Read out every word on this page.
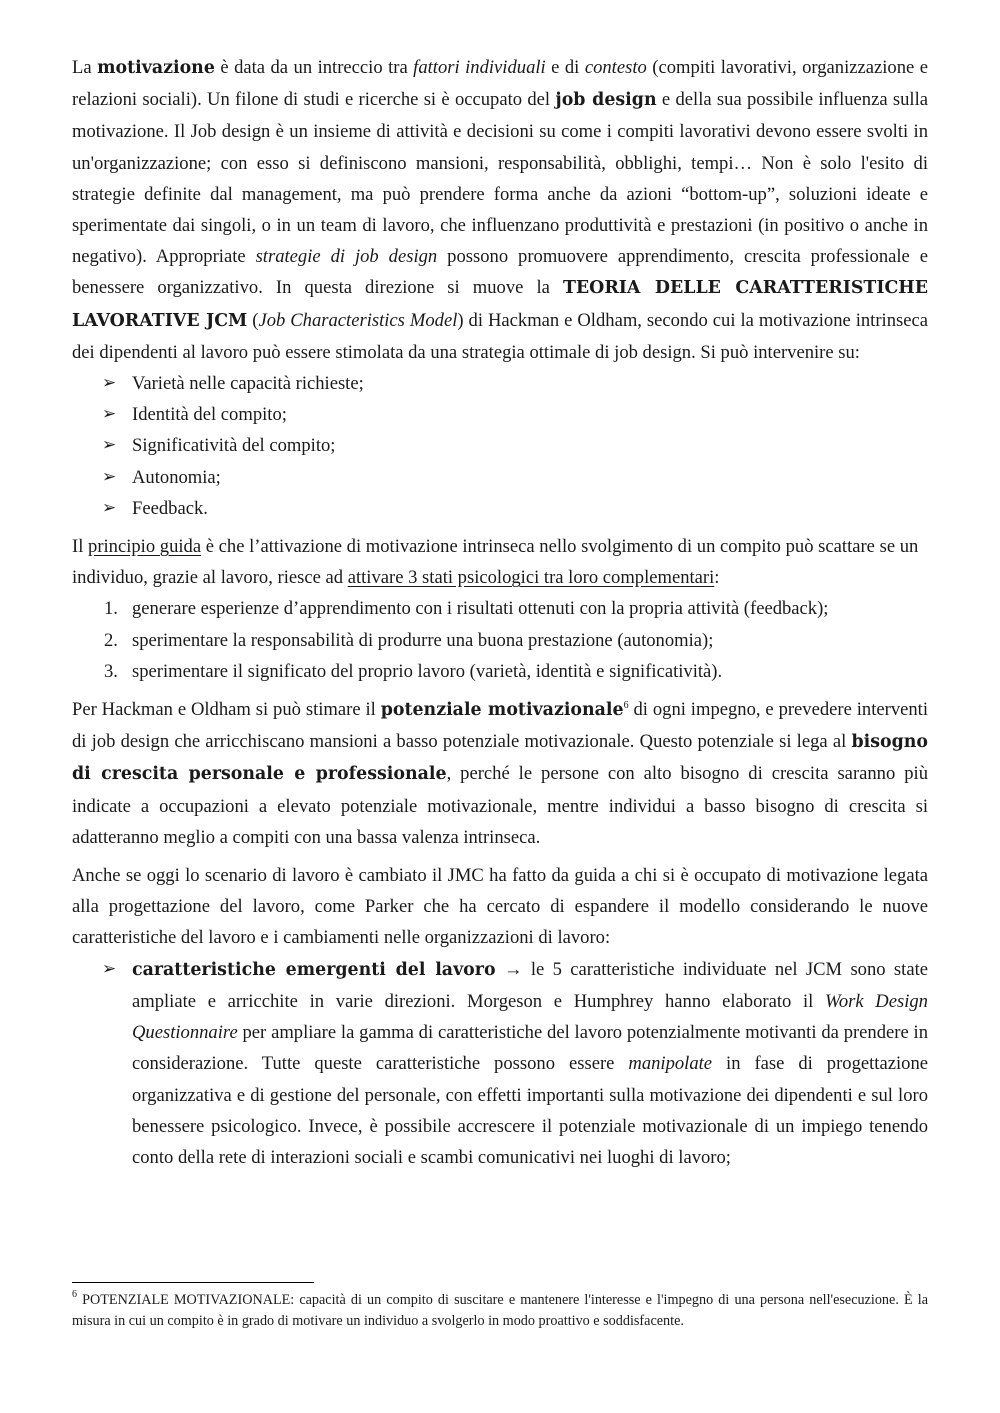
La motivazione è data da un intreccio tra fattori individuali e di contesto (compiti lavorativi, organizzazione e relazioni sociali). Un filone di studi e ricerche si è occupato del job design e della sua possibile influenza sulla motivazione. Il Job design è un insieme di attività e decisioni su come i compiti lavorativi devono essere svolti in un'organizzazione; con esso si definiscono mansioni, responsabilità, obblighi, tempi… Non è solo l'esito di strategie definite dal management, ma può prendere forma anche da azioni “bottom-up”, soluzioni ideate e sperimentate dai singoli, o in un team di lavoro, che influenzano produttività e prestazioni (in positivo o anche in negativo). Appropriate strategie di job design possono promuovere apprendimento, crescita professionale e benessere organizzativo. In questa direzione si muove la TEORIA DELLE CARATTERISTICHE LAVORATIVE JCM (Job Characteristics Model) di Hackman e Oldham, secondo cui la motivazione intrinseca dei dipendenti al lavoro può essere stimolata da una strategia ottimale di job design. Si può intervenire su:

➢ Varietà nelle capacità richieste;
➢ Identità del compito;
➢ Significatività del compito;
➢ Autonomia;
➢ Feedback.

Il principio guida è che l’attivazione di motivazione intrinseca nello svolgimento di un compito può scattare se un individuo, grazie al lavoro, riesce ad attivare 3 stati psicologici tra loro complementari:

1. generare esperienze d’apprendimento con i risultati ottenuti con la propria attività (feedback);
2. sperimentare la responsabilità di produrre una buona prestazione (autonomia);
3. sperimentare il significato del proprio lavoro (varietà, identità e significatività).

Per Hackman e Oldham si può stimare il potenziale motivazionale$^6$ di ogni impegno, e prevedere interventi di job design che arricchiscano mansioni a basso potenziale motivazionale. Questo potenziale si lega al bisogno di crescita personale e professionale, perché le persone con alto bisogno di crescita saranno più indicate a occupazioni a elevato potenziale motivazionale, mentre individui a basso bisogno di crescita si adatteranno meglio a compiti con una bassa valenza intrinseca.

Anche se oggi lo scenario di lavoro è cambiato il JMC ha fatto da guida a chi si è occupato di motivazione legata alla progettazione del lavoro, come Parker che ha cercato di espandere il modello considerando le nuove caratteristiche del lavoro e i cambiamenti nelle organizzazioni di lavoro:

➢ caratteristiche emergenti del lavoro → le 5 caratteristiche individuate nel JCM sono state ampliate e arricchite in varie direzioni. Morgeson e Humphrey hanno elaborato il Work Design Questionnaire per ampliare la gamma di caratteristiche del lavoro potenzialmente motivanti da prendere in considerazione. Tutte queste caratteristiche possono essere manipolate in fase di progettazione organizzativa e di gestione del personale, con effetti importanti sulla motivazione dei dipendenti e sul loro benessere psicologico. Invece, è possibile accrescere il potenziale motivazionale di un impiego tenendo conto della rete di interazioni sociali e scambi comunicativi nei luoghi di lavoro;

$^6$ POTENZIALE MOTIVAZIONALE: capacità di un compito di suscitare e mantenere l'interesse e l'impegno di una persona nell'esecuzione. È la misura in cui un compito è in grado di motivare un individuo a svolgerlo in modo proattivo e soddisfacente.
